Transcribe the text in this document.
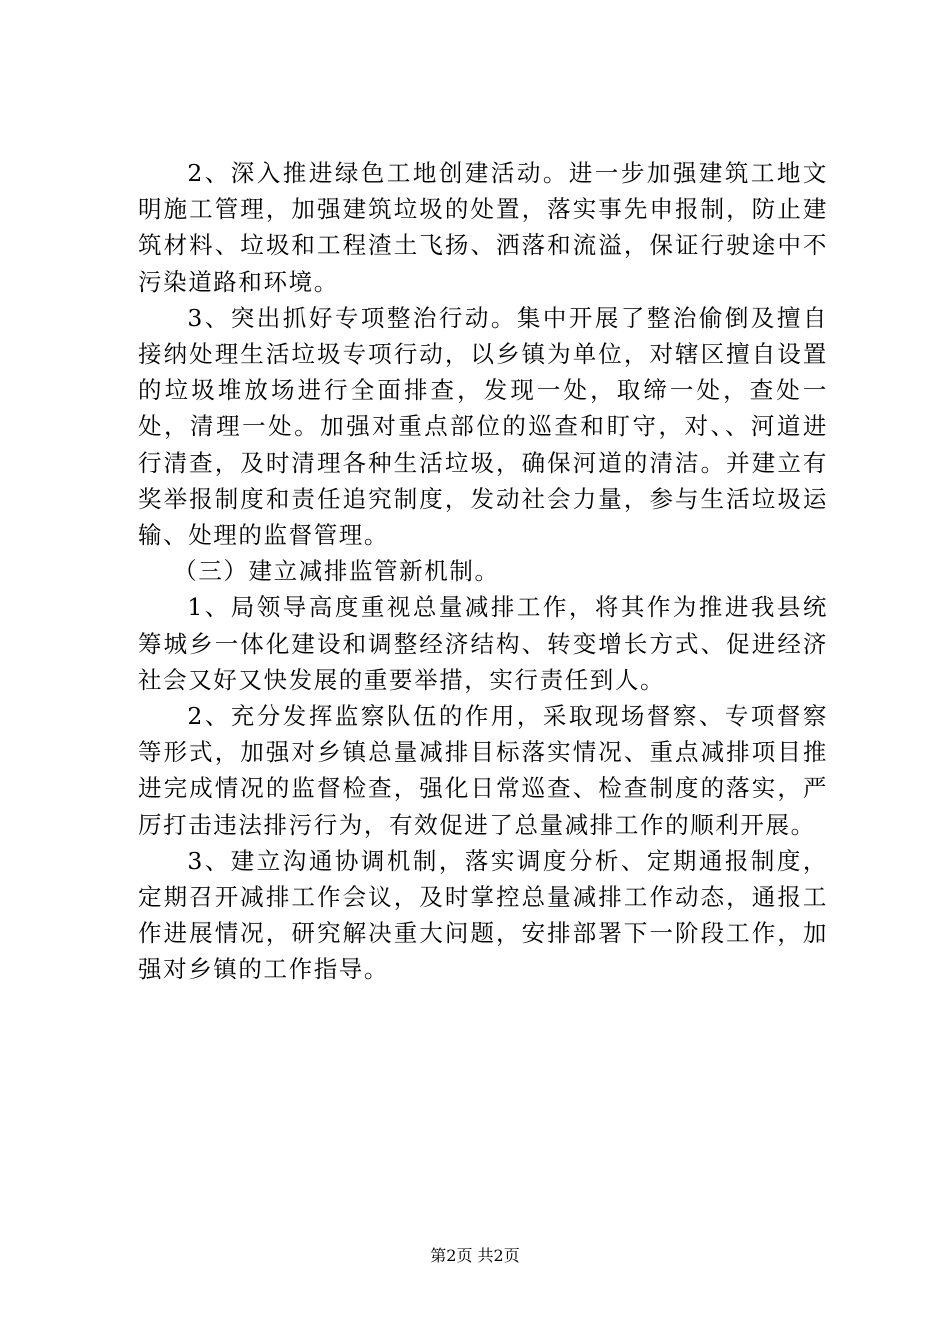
2、深入推进绿色工地创建活动。进一步加强建筑工地文明施工管理，加强建筑垃圾的处置，落实事先申报制，防止建筑材料、垃圾和工程渣土飞扬、洒落和流溢，保证行驶途中不污染道路和环境。

3、突出抓好专项整治行动。集中开展了整治偷倒及擅自接纳处理生活垃圾专项行动，以乡镇为单位，对辖区擅自设置的垃圾堆放场进行全面排查，发现一处，取缔一处，查处一处，清理一处。加强对重点部位的巡查和盯守，对、、河道进行清查，及时清理各种生活垃圾，确保河道的清洁。并建立有奖举报制度和责任追究制度，发动社会力量，参与生活垃圾运输、处理的监督管理。

（三）建立减排监管新机制。

1、局领导高度重视总量减排工作，将其作为推进我县统筹城乡一体化建设和调整经济结构、转变增长方式、促进经济社会又好又快发展的重要举措，实行责任到人。

2、充分发挥监察队伍的作用，采取现场督察、专项督察等形式，加强对乡镇总量减排目标落实情况、重点减排项目推进完成情况的监督检查，强化日常巡查、检查制度的落实，严厉打击违法排污行为，有效促进了总量减排工作的顺利开展。

3、建立沟通协调机制，落实调度分析、定期通报制度，定期召开减排工作会议，及时掌控总量减排工作动态，通报工作进展情况，研究解决重大问题，安排部署下一阶段工作，加强对乡镇的工作指导。

第2页 共2页
